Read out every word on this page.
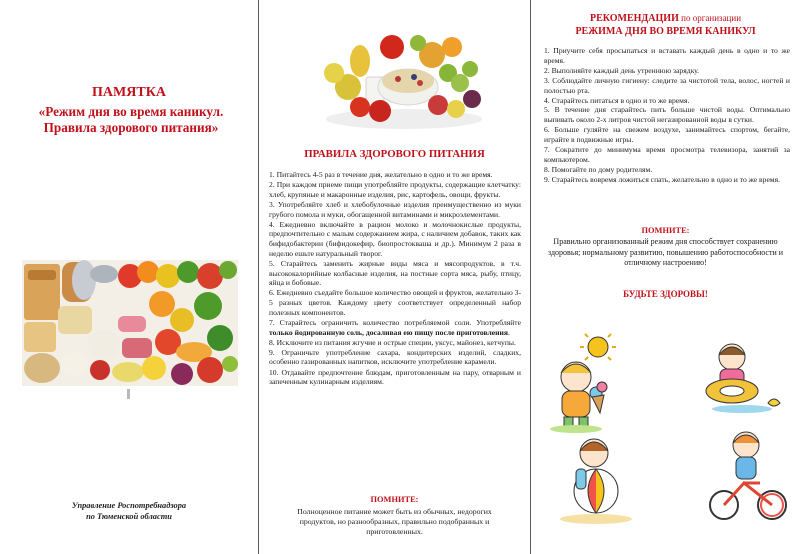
ПАМЯТКА
«Режим дня во время каникул. Правила здорового питания»
Управление Роспотребнадзора
по Тюменской области
ПРАВИЛА ЗДОРОВОГО ПИТАНИЯ
1. Питайтесь 4-5 раз в течение дня, желательно в одно и то же время.
2. При каждом приеме пищи употребляйте продукты, содержащие клетчатку: хлеб, крупяные и макаронные изделия, рис, картофель, овощи, фрукты.
3. Употребляйте хлеб и хлебобулочные изделия преимущественно из муки грубого помола и муки, обогащенной витаминами и микроэлементами.
4. Ежедневно включайте в рацион молоко и молочнокислые продукты, предпочтительно с малым содержанием жира, с наличием добавок, таких как бифидобактерии (бифидокефир, биопростокваша и др.). Минимум 2 раза в неделю ешьте натуральный творог.
5. Старайтесь заменить жирные виды мяса и мясопродуктов, в т.ч. высококалорийные колбасные изделия, на постные сорта мяса, рыбу, птицу, яйца и бобовые.
6. Ежедневно съедайте большое количество овощей и фруктов, желательно 3-5 разных цветов. Каждому цвету соответствует определенный набор полезных компонентов.
7. Старайтесь ограничить количество потребляемой соли. Употребляйте только йодированную соль, досаливая ею пищу после приготовления.
8. Исключите из питания жгучие и острые специи, уксус, майонез, кетчупы.
9. Ограничьте употребление сахара, кондитерских изделий, сладких, особенно газированных напитков, исключите употребление карамели.
10. Отдавайте предпочтение блюдам, приготовленным на пару, отварным и запеченным кулинарным изделиям.
ПОМНИТЕ:
Полноценное питание может быть из обычных, недорогих продуктов, но разнообразных, правильно подобранных и приготовленных.
РЕКОМЕНДАЦИИ по организации
РЕЖИМА ДНЯ ВО ВРЕМЯ КАНИКУЛ
1. Приучите себя просыпаться и вставать каждый день в одно и то же время.
2. Выполняйте каждый день утреннюю зарядку.
3. Соблюдайте личную гигиену: следите за чистотой тела, волос, ногтей и полостью рта.
4. Старайтесь питаться в одно и то же время.
5. В течение дня старайтесь пить больше чистой воды. Оптимально выпивать около 2-х литров чистой негазированной воды в сутки.
6. Больше гуляйте на свежем воздухе, занимайтесь спортом, бегайте, играйте в подвижные игры.
7. Сократите до минимума время просмотра телевизора, занятий за компьютером.
8. Помогайте по дому родителям.
9. Старайтесь вовремя ложиться спать, желательно в одно и то же время.
ПОМНИТЕ:
Правильно организованный режим дня способствует сохранению здоровья; нормальному развитию, повышению работоспособности и отличному настроению!
БУДЬТЕ ЗДОРОВЫ!
